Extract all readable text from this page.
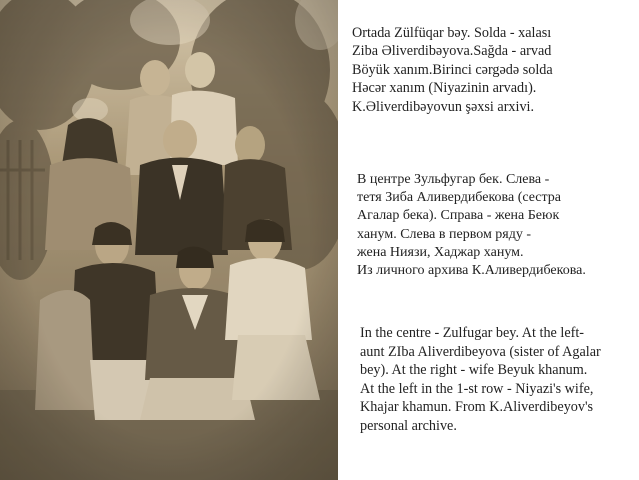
Ortada Zülfüqar bəy. Solda - xalası
Ziba Əliverdibəyova.Sağda - arvad
Böyük xanım.Birinci cərgədə solda
Həcər xanım (Niyazinin arvadı).
K.Əliverdibəyovun şəxsi arxivi.
В центре Зульфугар бек. Слева -
тетя Зиба Аливердибекова (сестра
Агалар бека). Справа - жена Бeюк
ханум. Слева в первом ряду -
жена Ниязи, Хаджар ханум.
Из личного архива К.Аливердибекова.
In the centre - Zulfugar bey. At the left-
aunt ZIba Aliverdibeyova (sister of Agalar
bey). At the right - wife Beyuk khanum.
At the left in the 1-st row - Niyazi's wife,
Khajar khamun. From K.Aliverdibeyov's
personal archive.
